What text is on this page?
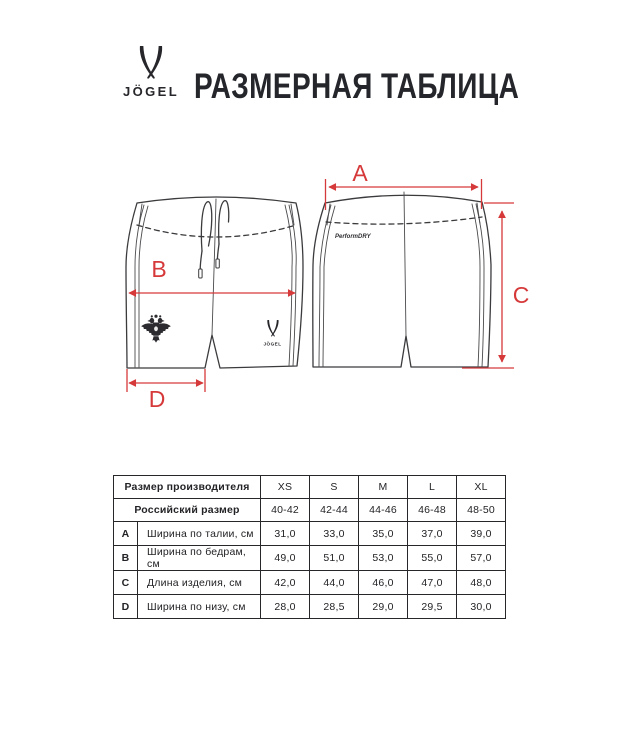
JÖGEL РАЗМЕРНАЯ ТАБЛИЦА
JÖGEL
PerformDRY
A
B
C
D
Размер производителя		XS	S	M	L	XL
Российский размер		40-42	42-44	44-46	46-48	48-50
A	Ширина по талии, см	31,0	33,0	35,0	37,0	39,0
B	Ширина по бедрам, см	49,0	51,0	53,0	55,0	57,0
C	Длина изделия, см	42,0	44,0	46,0	47,0	48,0
D	Ширина по низу, см	28,0	28,5	29,0	29,5	30,0
